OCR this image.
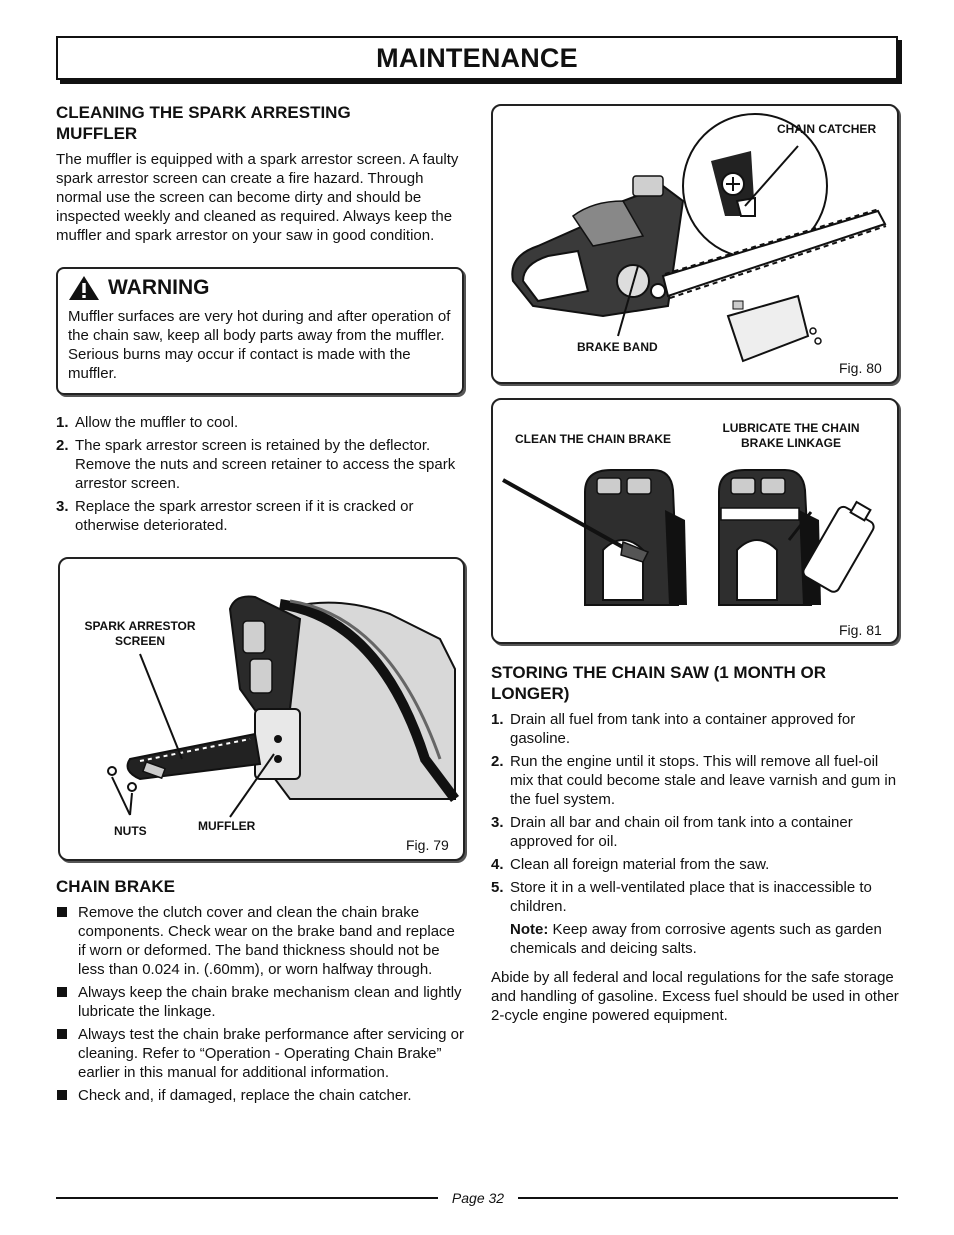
MAINTENANCE
CLEANING THE SPARK ARRESTING MUFFLER

The muffler is equipped with a spark arrestor screen. A faulty spark arrestor screen can create a fire hazard. Through normal use the screen can become dirty and should be inspected weekly and cleaned as required. Always keep the muffler and spark arrestor on your saw in good condition.

WARNING

Muffler surfaces are very hot during and after operation of the chain saw, keep all body parts away from the muffler. Serious burns may occur if contact is made with the muffler.

1. Allow the muffler to cool.
2. The spark arrestor screen is retained by the deflector. Remove the nuts and screen retainer to access the spark arrestor screen.
3. Replace the spark arrestor screen if it is cracked or otherwise deteriorated.
SPARK ARRESTOR SCREEN
NUTS	MUFFLER
Fig. 79
CHAIN BRAKE
Remove the clutch cover and clean the chain brake components. Check wear on the brake band and replace if worn or deformed. The band thickness should not be less than 0.024 in. (.60mm), or worn halfway through.
Always keep the chain brake mechanism clean and lightly lubricate the linkage.
Always test the chain brake performance after servicing or cleaning. Refer to “Operation - Operating Chain Brake” earlier in this manual for additional information.
Check and, if damaged, replace the chain catcher.
CHAIN CATCHER
BRAKE BAND
Fig. 80
CLEAN THE CHAIN BRAKE
LUBRICATE THE CHAIN BRAKE LINKAGE
Fig. 81
STORING THE CHAIN SAW (1 MONTH OR LONGER)
1. Drain all fuel from tank into a container approved for gasoline.
2. Run the engine until it stops. This will remove all fuel-oil mix that could become stale and leave varnish and gum in the fuel system.
3. Drain all bar and chain oil from tank into a container approved for oil.
4. Clean all foreign material from the saw.
5. Store it in a well-ventilated place that is inaccessible to children.
Note: Keep away from corrosive agents such as garden chemicals and deicing salts.

Abide by all federal and local regulations for the safe storage and handling of gasoline. Excess fuel should be used in other 2-cycle engine powered equipment.

Page 32
